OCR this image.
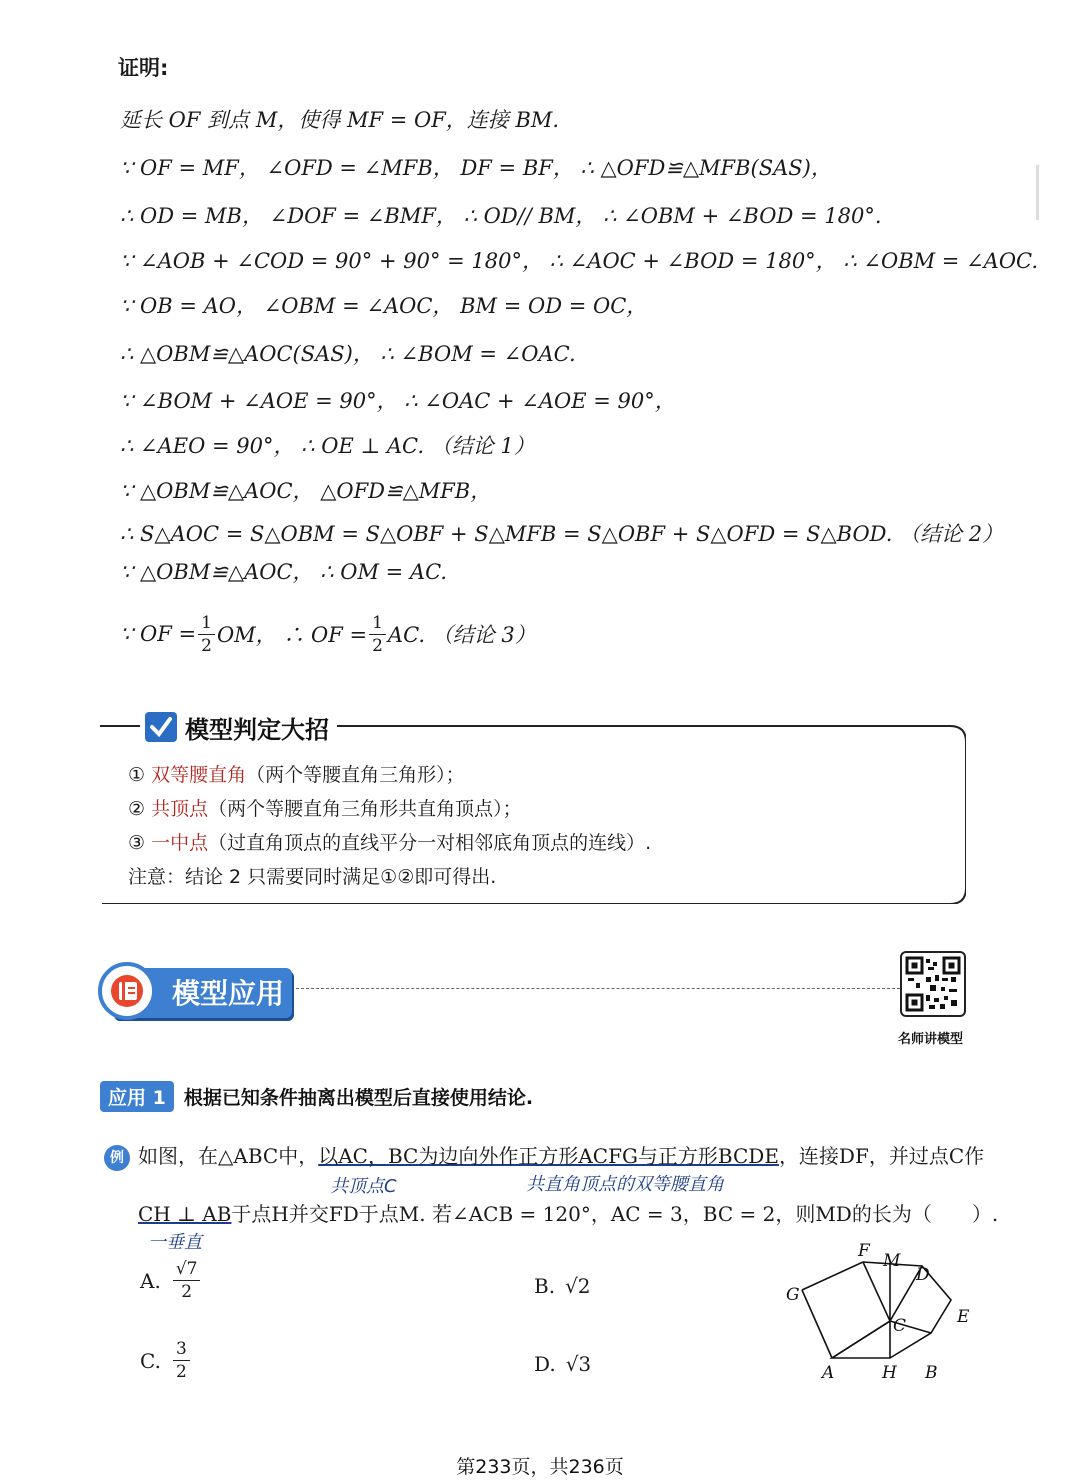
证明:
延长 OF 到点 M，使得 MF = OF，连接 BM.
∵ OF = MF， ∠OFD = ∠MFB， DF = BF， ∴ △OFD≌△MFB(SAS)，
∴ OD = MB， ∠DOF = ∠BMF， ∴ OD// BM， ∴ ∠OBM + ∠BOD = 180°.
∵ ∠AOB + ∠COD = 90° + 90° = 180°， ∴ ∠AOC + ∠BOD = 180°， ∴ ∠OBM = ∠AOC.
∵ OB = AO， ∠OBM = ∠AOC， BM = OD = OC，
∴ △OBM≌△AOC(SAS)， ∴ ∠BOM = ∠OAC.
∵ ∠BOM + ∠AOE = 90°， ∴ ∠OAC + ∠AOE = 90°，
∴ ∠AEO = 90°， ∴ OE ⊥ AC. （结论 1）
∵ △OBM≌△AOC， △OFD≌△MFB，
∴ S△AOC = S△OBM = S△OBF + S△MFB = S△OBF + S△OFD = S△BOD. （结论 2）
∵ △OBM≌△AOC， ∴ OM = AC.
∵ OF = $\frac{1}{2}$ OM， ∴ OF = $\frac{1}{2}$ AC. （结论 3）
模型判定大招
① 双等腰直角（两个等腰直角三角形）；
② 共顶点（两个等腰直角三角形共直角顶点）；
③ 一中点（过直角顶点的直线平分一对相邻底角顶点的连线）.
注意：结论 2 只需要同时满足①②即可得出.
模型应用
名师讲模型
应用 1 根据已知条件抽离出模型后直接使用结论.
例 如图，在△ABC中，以AC，BC为边向外作正方形ACFG与正方形BCDE，连接DF，并过点C作
共顶点C	共直角顶点的双等腰直角
CH ⊥ AB于点H并交FD于点M. 若∠ACB = 120°，AC = 3，BC = 2，则MD的长为（　　）.
一垂直
A. $\frac{√7}{2}$	B. √2
C. $\frac{3}{2}$	D. √3
F M
D
G
C	E
A	H B
第233页，共236页
